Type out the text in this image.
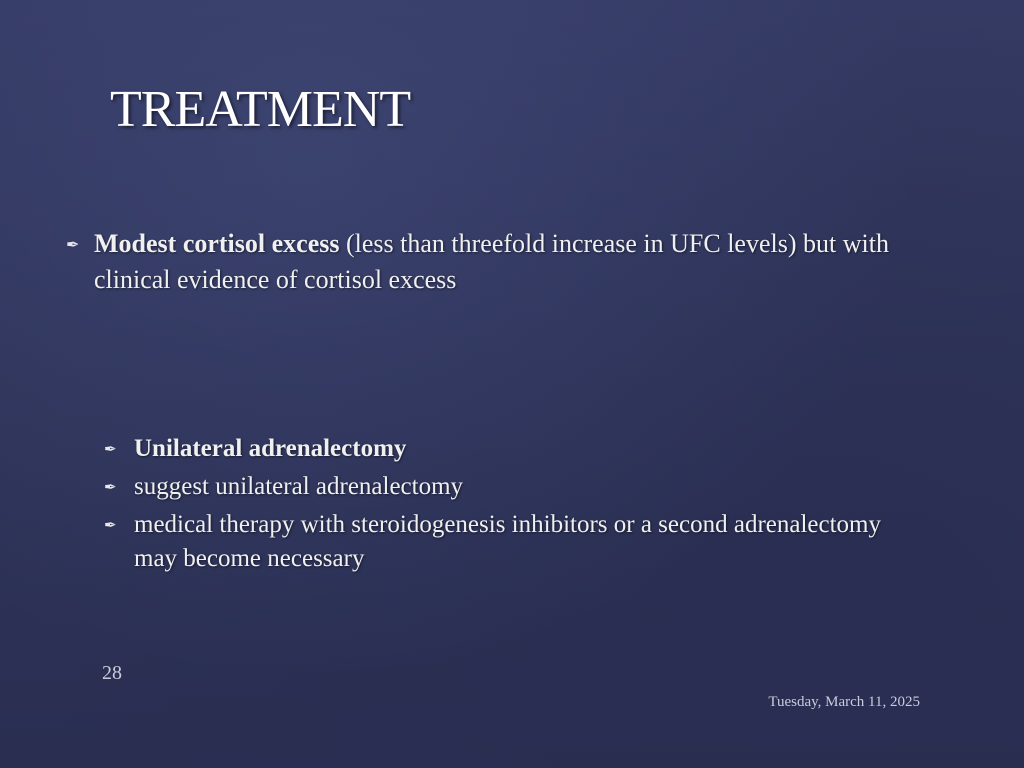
TREATMENT
✒ Modest cortisol excess (less than threefold increase in UFC levels) but with clinical evidence of cortisol excess
✒ Unilateral adrenalectomy
✒ suggest unilateral adrenalectomy
✒ medical therapy with steroidogenesis inhibitors or a second adrenalectomy may become necessary
28
Tuesday, March 11, 2025
